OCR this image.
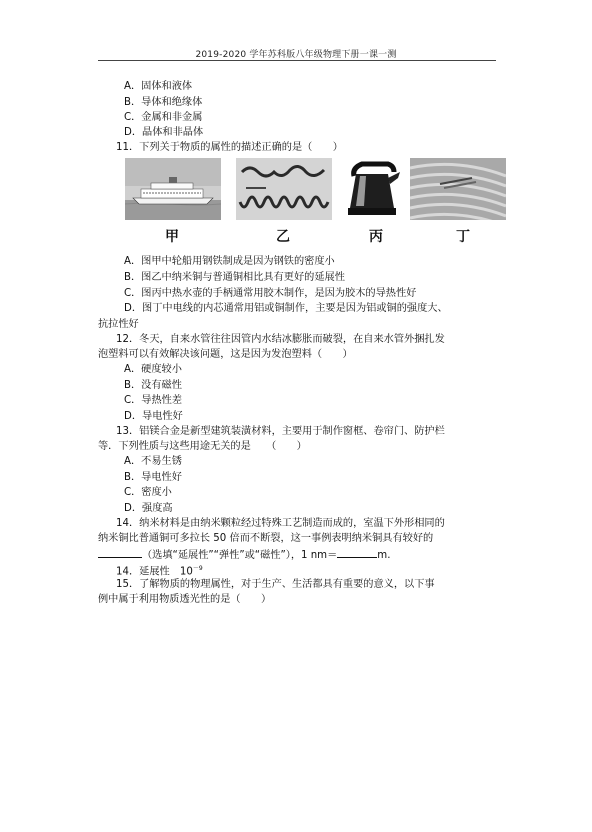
2019-2020 学年苏科版八年级物理下册一课一测
A．固体和液体
B．导体和绝缘体
C．金属和非金属
D．晶体和非晶体
11．下列关于物质的属性的描述正确的是（　　）
甲	乙	丙	丁
A．图甲中轮船用钢铁制成是因为钢铁的密度小
B．图乙中纳米铜与普通铜相比具有更好的延展性
C．图丙中热水壶的手柄通常用胶木制作，是因为胶木的导热性好
D．图丁中电线的内芯通常用铝或铜制作，主要是因为铝或铜的强度大、
抗拉性好
12．冬天，自来水管往往因管内水结冰膨胀而破裂，在自来水管外捆扎发
泡塑料可以有效解决该问题，这是因为发泡塑料（　　）
A．硬度较小
B．没有磁性
C．导热性差
D．导电性好
13．铝镁合金是新型建筑装潢材料，主要用于制作窗框、卷帘门、防护栏
等．下列性质与这些用途无关的是　　（　　）
A．不易生锈
B．导电性好
C．密度小
D．强度高
14．纳米材料是由纳米颗粒经过特殊工艺制造而成的，室温下外形相同的
纳米铜比普通铜可多拉长 50 倍而不断裂，这一事例表明纳米铜具有较好的
（选填“延展性”“弹性”或“磁性”），1 nm＝	m.
14．延展性　$10^{-9}$
15．了解物质的物理属性，对于生产、生活都具有重要的意义，以下事
例中属于利用物质透光性的是（　　）
